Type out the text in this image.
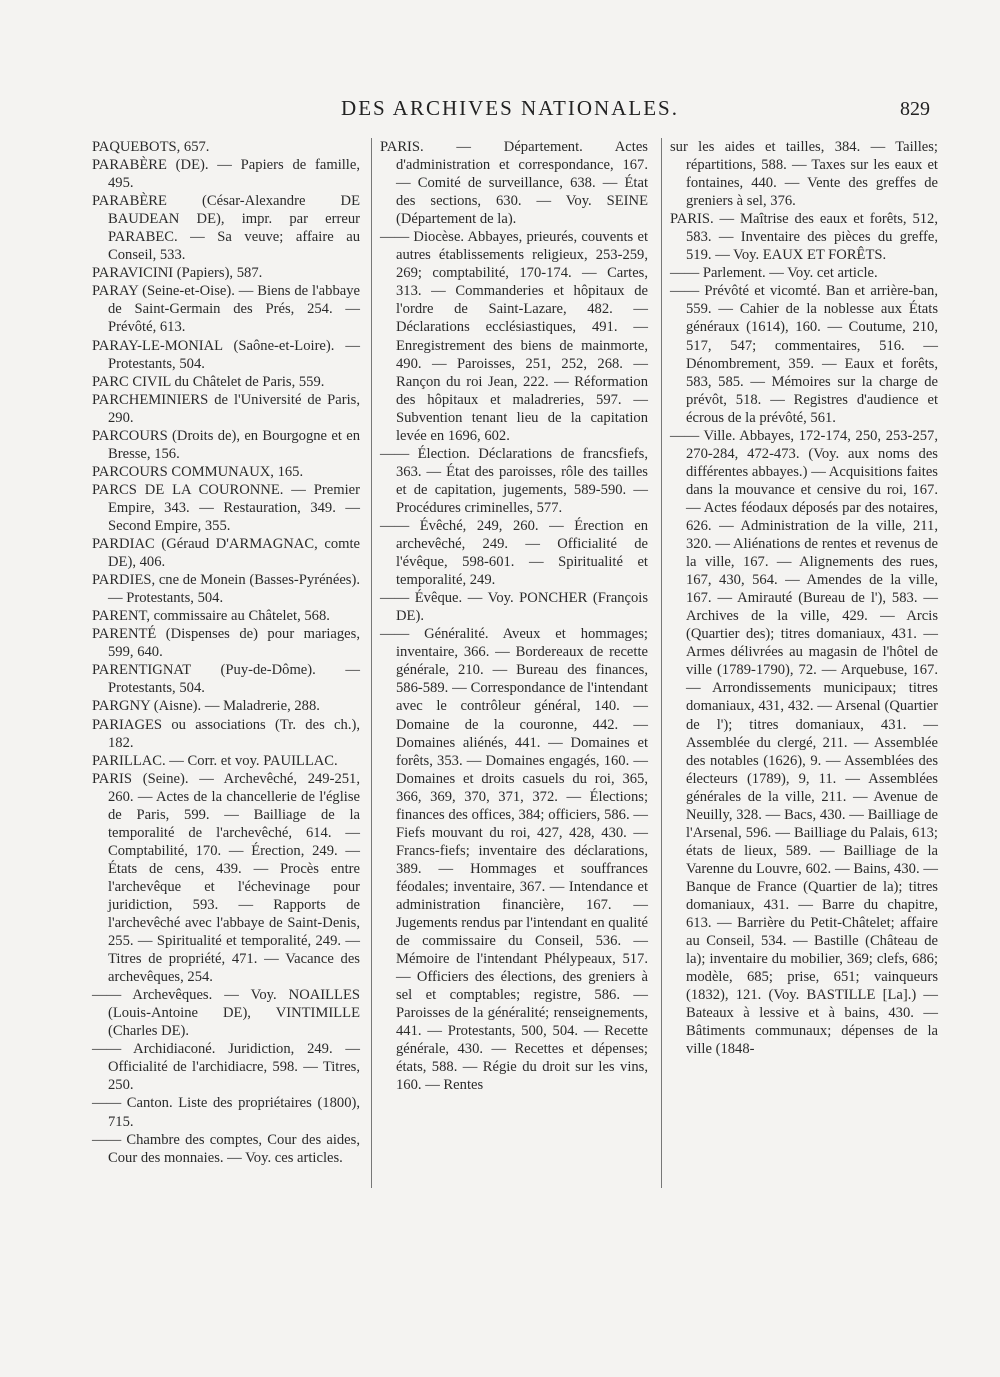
DES ARCHIVES NATIONALES.	829
PAQUEBOTS, 657.
PARABÈRE (DE). — Papiers de famille, 495.
PARABÈRE (César-Alexandre DE BAUDEAN DE), impr. par erreur PARABEC. — Sa veuve; affaire au Conseil, 533.
PARAVICINI (Papiers), 587.
PARAY (Seine-et-Oise). — Biens de l'abbaye de Saint-Germain des Prés, 254. — Prévôté, 613.
PARAY-LE-MONIAL (Saône-et-Loire). — Protestants, 504.
PARC CIVIL du Châtelet de Paris, 559.
PARCHEMINIERS de l'Université de Paris, 290.
PARCOURS (Droits de), en Bourgogne et en Bresse, 156.
PARCOURS COMMUNAUX, 165.
PARCS DE LA COURONNE. — Premier Empire, 343. — Restauration, 349. — Second Empire, 355.
PARDIAC (Géraud D'ARMAGNAC, comte DE), 406.
PARDIES, cne de Monein (Basses-Pyrénées). — Protestants, 504.
PARENT, commissaire au Châtelet, 568.
PARENTÉ (Dispenses de) pour mariages, 599, 640.
PARENTIGNAT (Puy-de-Dôme). — Protestants, 504.
PARGNY (Aisne). — Maladrerie, 288.
PARIAGES ou associations (Tr. des ch.), 182.
PARILLAC. — Corr. et voy. PAUILLAC.
PARIS (Seine). — Archevêché, 249-251, 260. — Actes de la chancellerie de l'église de Paris, 599. — Bailliage de la temporalité de l'archevêché, 614. — Comptabilité, 170. — Érection, 249. — États de cens, 439. — Procès entre l'archevêque et l'échevinage pour juridiction, 593. — Rapports de l'archevêché avec l'abbaye de Saint-Denis, 255. — Spiritualité et temporalité, 249. — Titres de propriété, 471. — Vacance des archevêques, 254.
—— Archevêques. — Voy. NOAILLES (Louis-Antoine DE), VINTIMILLE (Charles DE).
—— Archidiaconé. Juridiction, 249. — Officialité de l'archidiacre, 598. — Titres, 250.
—— Canton. Liste des propriétaires (1800), 715.
—— Chambre des comptes, Cour des aides, Cour des monnaies. — Voy. ces articles.
PARIS. — Département. Actes d'administration et correspondance, 167. — Comité de surveillance, 638. — État des sections, 630. — Voy. SEINE (Département de la).
—— Diocèse. Abbayes, prieurés, couvents et autres établissements religieux, 253-259, 269; comptabilité, 170-174. — Cartes, 313. — Commanderies et hôpitaux de l'ordre de Saint-Lazare, 482. — Déclarations ecclésiastiques, 491. — Enregistrement des biens de mainmorte, 490. — Paroisses, 251, 252, 268. — Rançon du roi Jean, 222. — Réformation des hôpitaux et maladreries, 597. — Subvention tenant lieu de la capitation levée en 1696, 602.
—— Élection. Déclarations de francsfiefs, 363. — État des paroisses, rôle des tailles et de capitation, jugements, 589-590. — Procédures criminelles, 577.
—— Évêché, 249, 260. — Érection en archevêché, 249. — Officialité de l'évêque, 598-601. — Spiritualité et temporalité, 249.
—— Évêque. — Voy. PONCHER (François DE).
—— Généralité. Aveux et hommages; inventaire, 366. — Bordereaux de recette générale, 210. — Bureau des finances, 586-589. — Correspondance de l'intendant avec le contrôleur général, 140. — Domaine de la couronne, 442. — Domaines aliénés, 441. — Domaines et forêts, 353. — Domaines engagés, 160. — Domaines et droits casuels du roi, 365, 366, 369, 370, 371, 372. — Élections; finances des offices, 384; officiers, 586. — Fiefs mouvant du roi, 427, 428, 430. — Francs-fiefs; inventaire des déclarations, 389. — Hommages et souffrances féodales; inventaire, 367. — Intendance et administration financière, 167. — Jugements rendus par l'intendant en qualité de commissaire du Conseil, 536. — Mémoire de l'intendant Phélypeaux, 517. — Officiers des élections, des greniers à sel et comptables; registre, 586. — Paroisses de la généralité; renseignements, 441. — Protestants, 500, 504. — Recette générale, 430. — Recettes et dépenses; états, 588. — Régie du droit sur les vins, 160. — Rentes
sur les aides et tailles, 384. — Tailles; répartitions, 588. — Taxes sur les eaux et fontaines, 440. — Vente des greffes de greniers à sel, 376.
PARIS. — Maîtrise des eaux et forêts, 512, 583. — Inventaire des pièces du greffe, 519. — Voy. EAUX ET FORÊTS.
—— Parlement. — Voy. cet article.
—— Prévôté et vicomté. Ban et arrière-ban, 559. — Cahier de la noblesse aux États généraux (1614), 160. — Coutume, 210, 517, 547; commentaires, 516. — Dénombrement, 359. — Eaux et forêts, 583, 585. — Mémoires sur la charge de prévôt, 518. — Registres d'audience et écrous de la prévôté, 561.
—— Ville. Abbayes, 172-174, 250, 253-257, 270-284, 472-473. (Voy. aux noms des différentes abbayes.) — Acquisitions faites dans la mouvance et censive du roi, 167. — Actes féodaux déposés par des notaires, 626. — Administration de la ville, 211, 320. — Aliénations de rentes et revenus de la ville, 167. — Alignements des rues, 167, 430, 564. — Amendes de la ville, 167. — Amirauté (Bureau de l'), 583. — Archives de la ville, 429. — Arcis (Quartier des); titres domaniaux, 431. — Armes délivrées au magasin de l'hôtel de ville (1789-1790), 72. — Arquebuse, 167. — Arrondissements municipaux; titres domaniaux, 431, 432. — Arsenal (Quartier de l'); titres domaniaux, 431. — Assemblée du clergé, 211. — Assemblée des notables (1626), 9. — Assemblées des électeurs (1789), 9, 11. — Assemblées générales de la ville, 211. — Avenue de Neuilly, 328. — Bacs, 430. — Bailliage de l'Arsenal, 596. — Bailliage du Palais, 613; états de lieux, 589. — Bailliage de la Varenne du Louvre, 602. — Bains, 430. — Banque de France (Quartier de la); titres domaniaux, 431. — Barre du chapitre, 613. — Barrière du Petit-Châtelet; affaire au Conseil, 534. — Bastille (Château de la); inventaire du mobilier, 369; clefs, 686; modèle, 685; prise, 651; vainqueurs (1832), 121. (Voy. BASTILLE [La].) — Bateaux à lessive et à bains, 430. — Bâtiments communaux; dépenses de la ville (1848-
